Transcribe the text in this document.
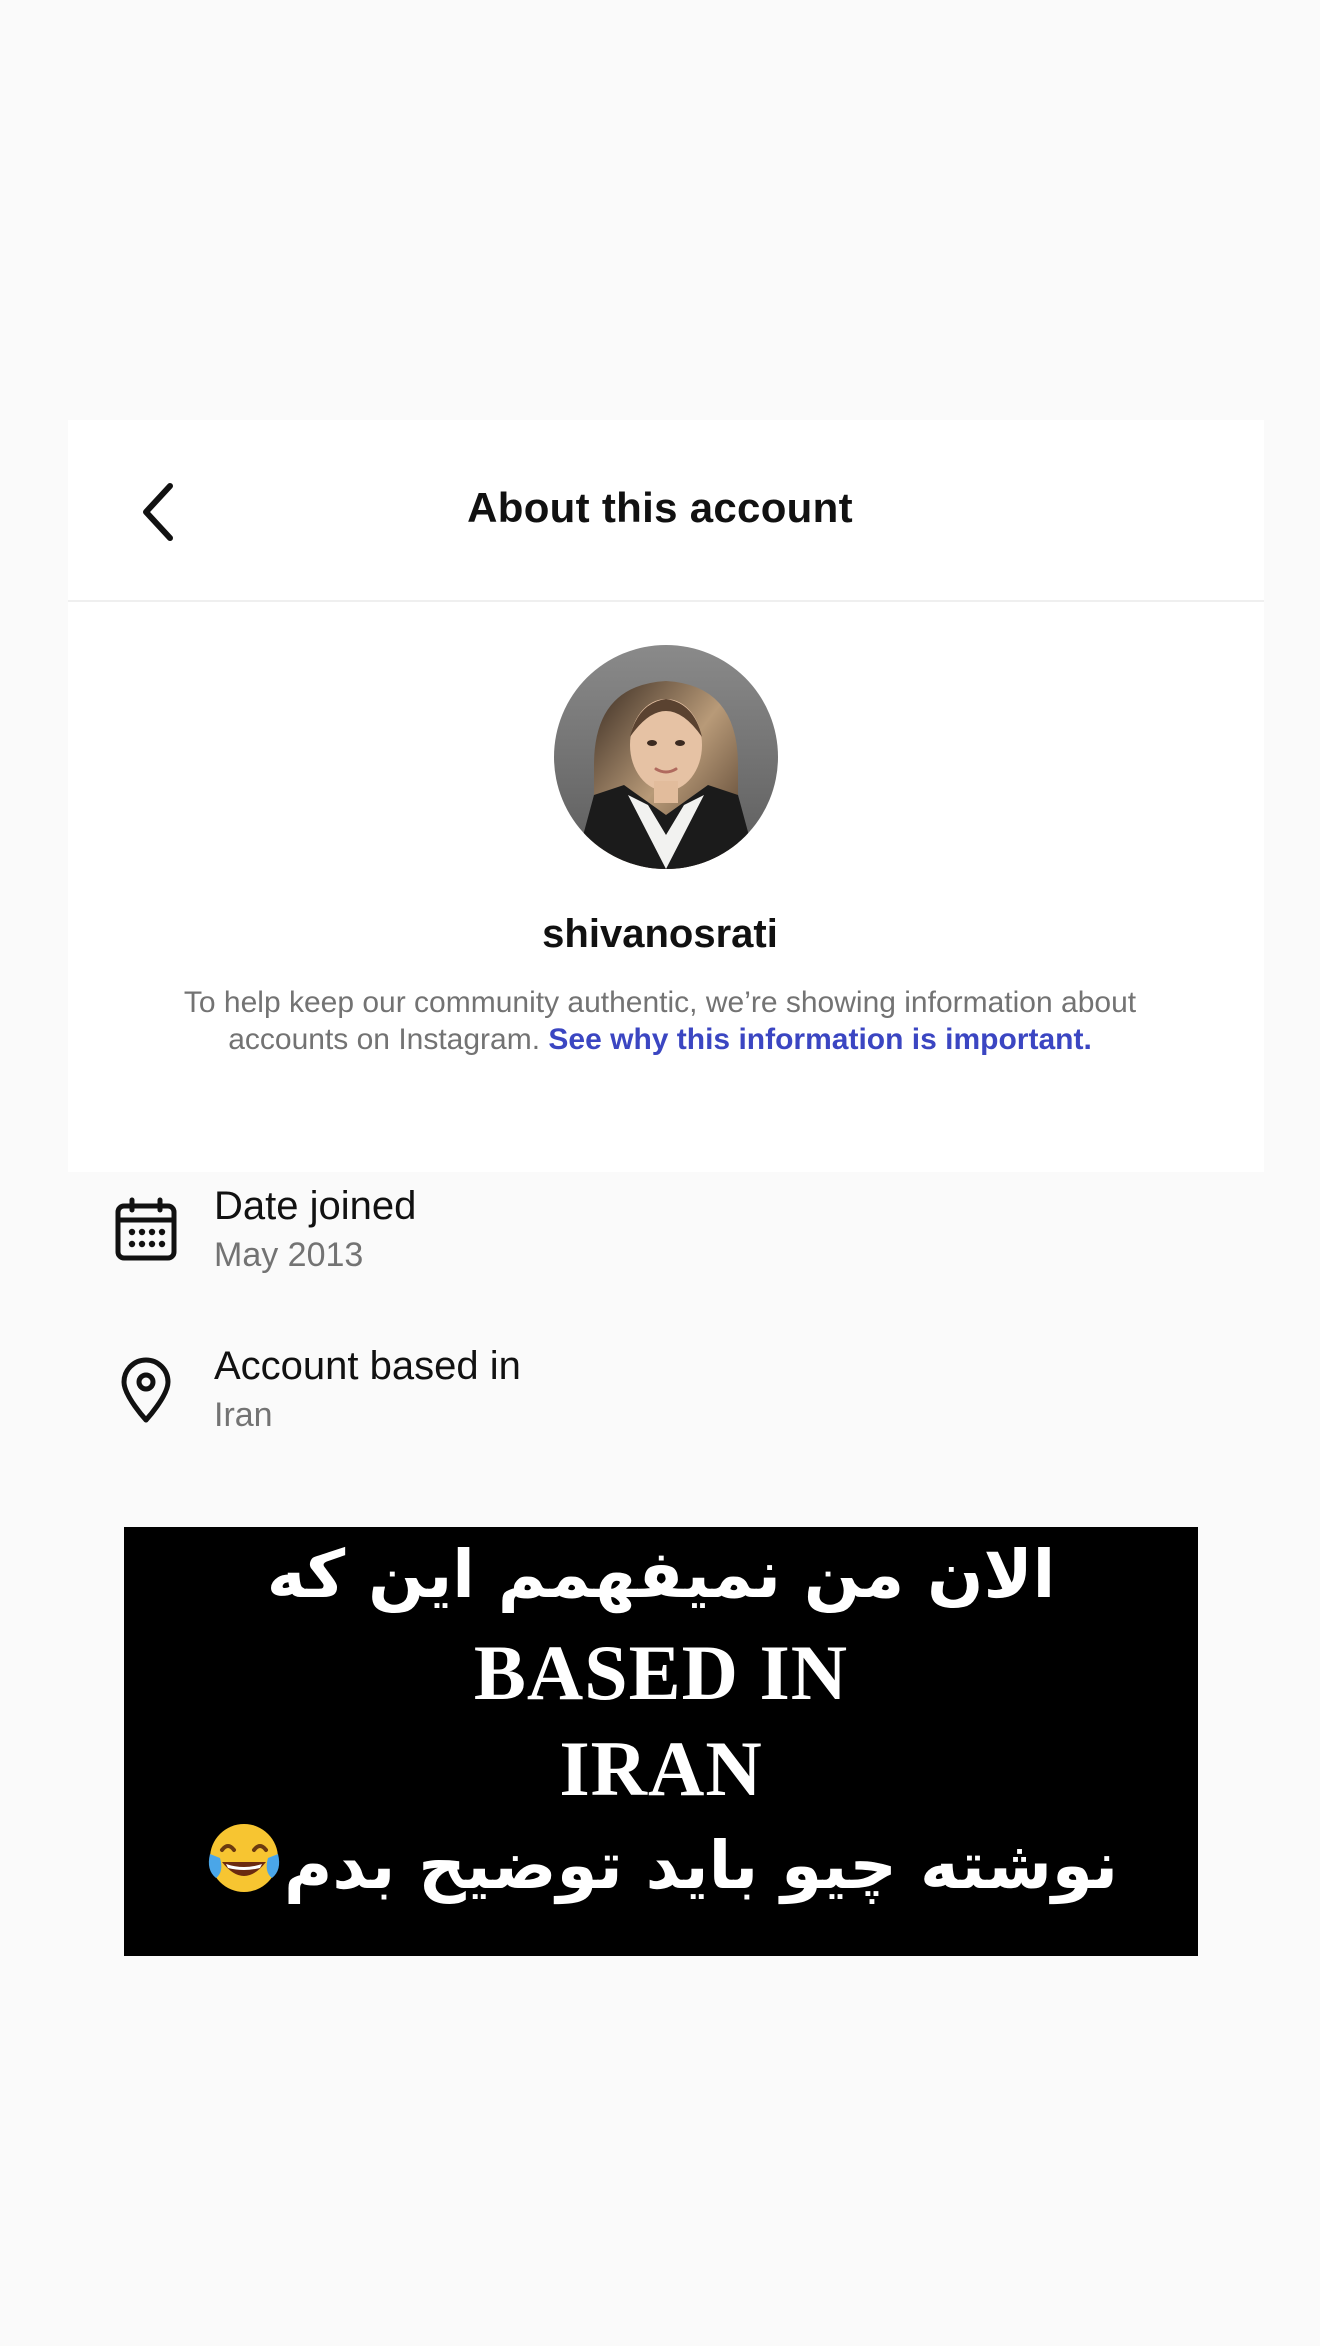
About this account
shivanosrati
To help keep our community authentic, we’re showing information about accounts on Instagram. See why this information is important.
Date joined
May 2013
Account based in
Iran
الان من نمیفهمم این که
BASED IN
IRAN
نوشته چیو باید توضیح بدم
